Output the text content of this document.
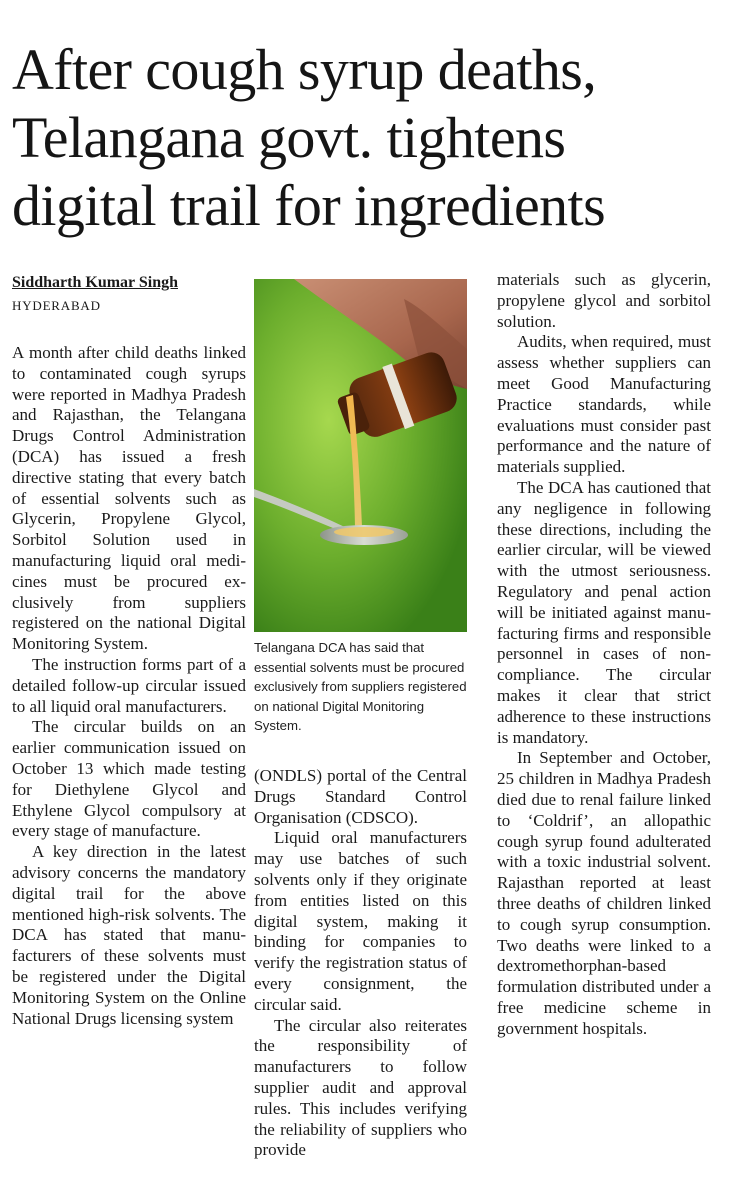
After cough syrup deaths,
Telangana govt. tightens
digital trail for ingredients
Siddharth Kumar Singh
HYDERABAD

A month after child deaths linked to contaminated cough syrups were reported in Madhya Pradesh and Rajasthan, the Telangana Drugs Control Administration (DCA) has issued a fresh directive stating that every batch of essential solvents such as Glycerin, Propylene Glycol, Sorbitol Solution used in manufacturing liquid oral medicines must be procured exclusively from suppliers registered on the national Digital Monitoring System.

The instruction forms part of a detailed follow-up circular issued to all liquid oral manufacturers.

The circular builds on an earlier communication issued on October 13 which made testing for Diethylene Glycol and Ethylene Glycol compulsory at every stage of manufacture.

A key direction in the latest advisory concerns the mandatory digital trail for the above mentioned high-risk solvents. The DCA has stated that manufacturers of these solvents must be registered under the Digital Monitoring System on the Online National Drugs licensing system

Telangana DCA has said that essential solvents must be procured exclusively from suppliers registered on national Digital Monitoring System.

(ONDLS) portal of the Central Drugs Standard Control Organisation (CDSCO).

Liquid oral manufacturers may use batches of such solvents only if they originate from entities listed on this digital system, making it binding for companies to verify the registration status of every consignment, the circular said.

The circular also reiterates the responsibility of manufacturers to follow supplier audit and approval rules. This includes verifying the reliability of suppliers who provide

materials such as glycerin, propylene glycol and sorbitol solution.

Audits, when required, must assess whether suppliers can meet Good Manufacturing Practice standards, while evaluations must consider past performance and the nature of materials supplied.

The DCA has cautioned that any negligence in following these directions, including the earlier circular, will be viewed with the utmost seriousness. Regulatory and penal action will be initiated against manufacturing firms and responsible personnel in cases of non-compliance. The circular makes it clear that strict adherence to these instructions is mandatory.

In September and October, 25 children in Madhya Pradesh died due to renal failure linked to ‘Coldrif’, an allopathic cough syrup found adulterated with a toxic industrial solvent. Rajasthan reported at least three deaths of children linked to cough syrup consumption. Two deaths were linked to a dextromethorphan-based formulation distributed under a free medicine scheme in government hospitals.
